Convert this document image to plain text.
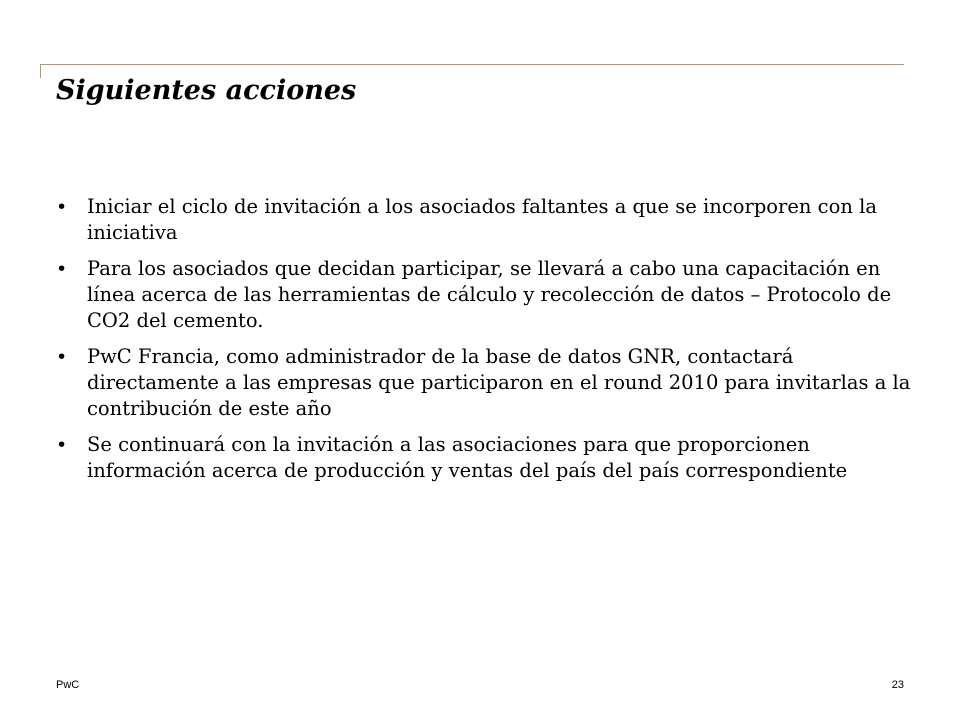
Siguientes acciones
• Iniciar el ciclo de invitación a los asociados faltantes a que se incorporen con la iniciativa
• Para los asociados que decidan participar, se llevará a cabo una capacitación en línea acerca de las herramientas de cálculo y recolección de datos – Protocolo de CO2 del cemento.
• PwC Francia, como administrador de la base de datos GNR, contactará directamente a las empresas que participaron en el round 2010 para invitarlas a la contribución de este año
• Se continuará con la invitación a las asociaciones para que proporcionen información acerca de producción y ventas del país del país correspondiente
PwC	23
